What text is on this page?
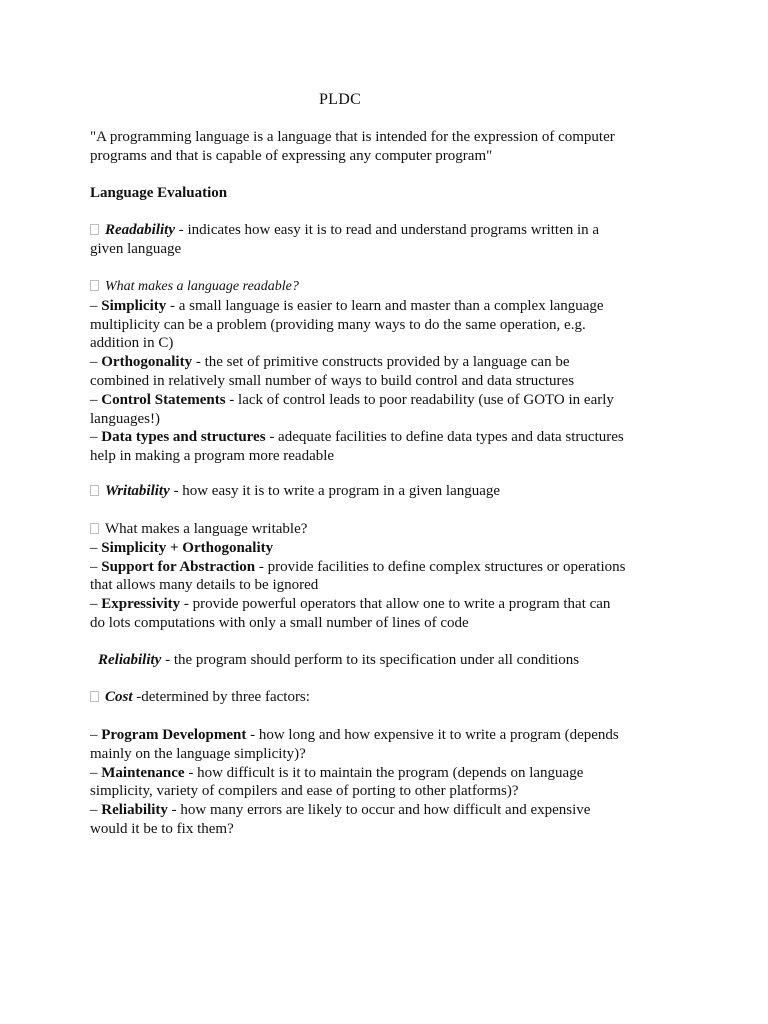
PLDC
"A programming language is a language that is intended for the expression of computer
programs and that is capable of expressing any computer program"
Language Evaluation
Readability - indicates how easy it is to read and understand programs written in a
given language
What makes a language readable?
– Simplicity - a small language is easier to learn and master than a complex language
multiplicity can be a problem (providing many ways to do the same operation, e.g.
addition in C)
– Orthogonality - the set of primitive constructs provided by a language can be
combined in relatively small number of ways to build control and data structures
– Control Statements - lack of control leads to poor readability (use of GOTO in early
languages!)
– Data types and structures - adequate facilities to define data types and data structures
help in making a program more readable
Writability - how easy it is to write a program in a given language
What makes a language writable?
– Simplicity + Orthogonality
– Support for Abstraction - provide facilities to define complex structures or operations
that allows many details to be ignored
– Expressivity - provide powerful operators that allow one to write a program that can
do lots computations with only a small number of lines of code
Reliability - the program should perform to its specification under all conditions
Cost -determined by three factors:
– Program Development - how long and how expensive it to write a program (depends
mainly on the language simplicity)?
– Maintenance - how difficult is it to maintain the program (depends on language
simplicity, variety of compilers and ease of porting to other platforms)?
– Reliability - how many errors are likely to occur and how difficult and expensive
would it be to fix them?
